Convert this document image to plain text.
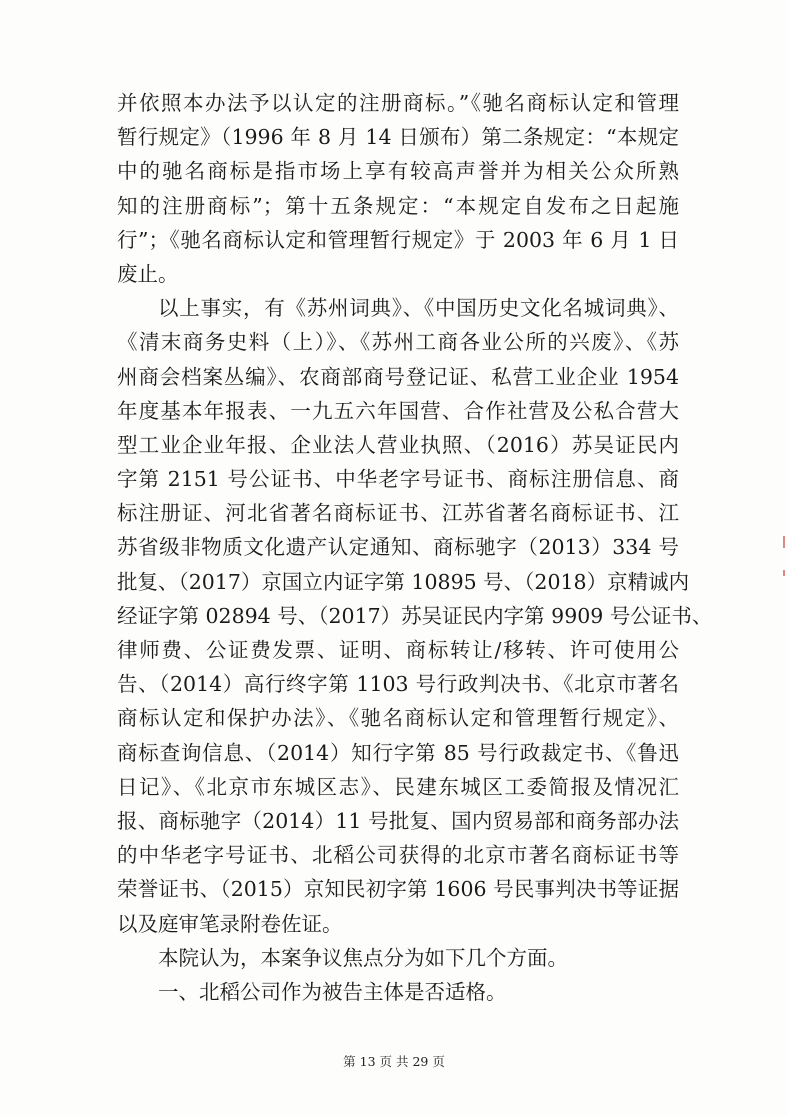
并依照本办法予以认定的注册商标。”《驰名商标认定和管理
暂行规定》（1996 年 8 月 14 日颁布）第二条规定：“本规定
中的驰名商标是指市场上享有较高声誉并为相关公众所熟
知的注册商标”；第十五条规定：“本规定自发布之日起施
行”；《驰名商标认定和管理暂行规定》于 2003 年 6 月 1 日
废止。
以上事实，有《苏州词典》、《中国历史文化名城词典》、
《清末商务史料（上）》、《苏州工商各业公所的兴废》、《苏
州商会档案丛编》、农商部商号登记证、私营工业企业 1954
年度基本年报表、一九五六年国营、合作社营及公私合营大
型工业企业年报、企业法人营业执照、（2016）苏吴证民内
字第 2151 号公证书、中华老字号证书、商标注册信息、商
标注册证、河北省著名商标证书、江苏省著名商标证书、江
苏省级非物质文化遗产认定通知、商标驰字（2013）334 号
批复、（2017）京国立内证字第 10895 号、（2018）京精诚内
经证字第 02894 号、（2017）苏吴证民内字第 9909 号公证书、
律师费、公证费发票、证明、商标转让/移转、许可使用公
告、（2014）高行终字第 1103 号行政判决书、《北京市著名
商标认定和保护办法》、《驰名商标认定和管理暂行规定》、
商标查询信息、（2014）知行字第 85 号行政裁定书、《鲁迅
日记》、《北京市东城区志》、民建东城区工委简报及情况汇
报、商标驰字（2014）11 号批复、国内贸易部和商务部办法
的中华老字号证书、北稻公司获得的北京市著名商标证书等
荣誉证书、（2015）京知民初字第 1606 号民事判决书等证据
以及庭审笔录附卷佐证。
本院认为，本案争议焦点分为如下几个方面。
一、北稻公司作为被告主体是否适格。
第 13 页 共 29 页
